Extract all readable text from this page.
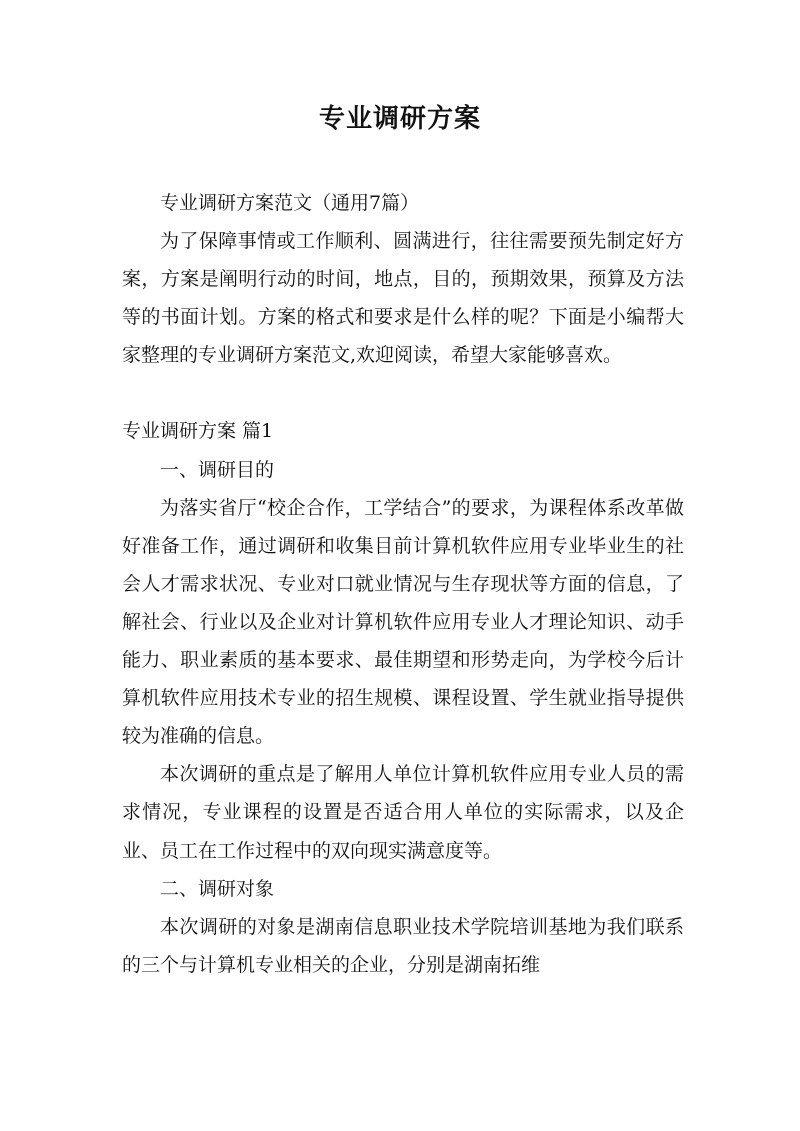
专业调研方案

专业调研方案范文（通用7篇）

为了保障事情或工作顺利、圆满进行，往往需要预先制定好方案，方案是阐明行动的时间，地点，目的，预期效果，预算及方法等的书面计划。方案的格式和要求是什么样的呢？下面是小编帮大家整理的专业调研方案范文,欢迎阅读，希望大家能够喜欢。

专业调研方案 篇1

一、调研目的

为落实省厅“校企合作，工学结合”的要求，为课程体系改革做好准备工作，通过调研和收集目前计算机软件应用专业毕业生的社会人才需求状况、专业对口就业情况与生存现状等方面的信息，了解社会、行业以及企业对计算机软件应用专业人才理论知识、动手能力、职业素质的基本要求、最佳期望和形势走向，为学校今后计算机软件应用技术专业的招生规模、课程设置、学生就业指导提供较为准确的信息。

本次调研的重点是了解用人单位计算机软件应用专业人员的需求情况，专业课程的设置是否适合用人单位的实际需求，以及企业、员工在工作过程中的双向现实满意度等。

二、调研对象

本次调研的对象是湖南信息职业技术学院培训基地为我们联系的三个与计算机专业相关的企业，分别是湖南拓维
